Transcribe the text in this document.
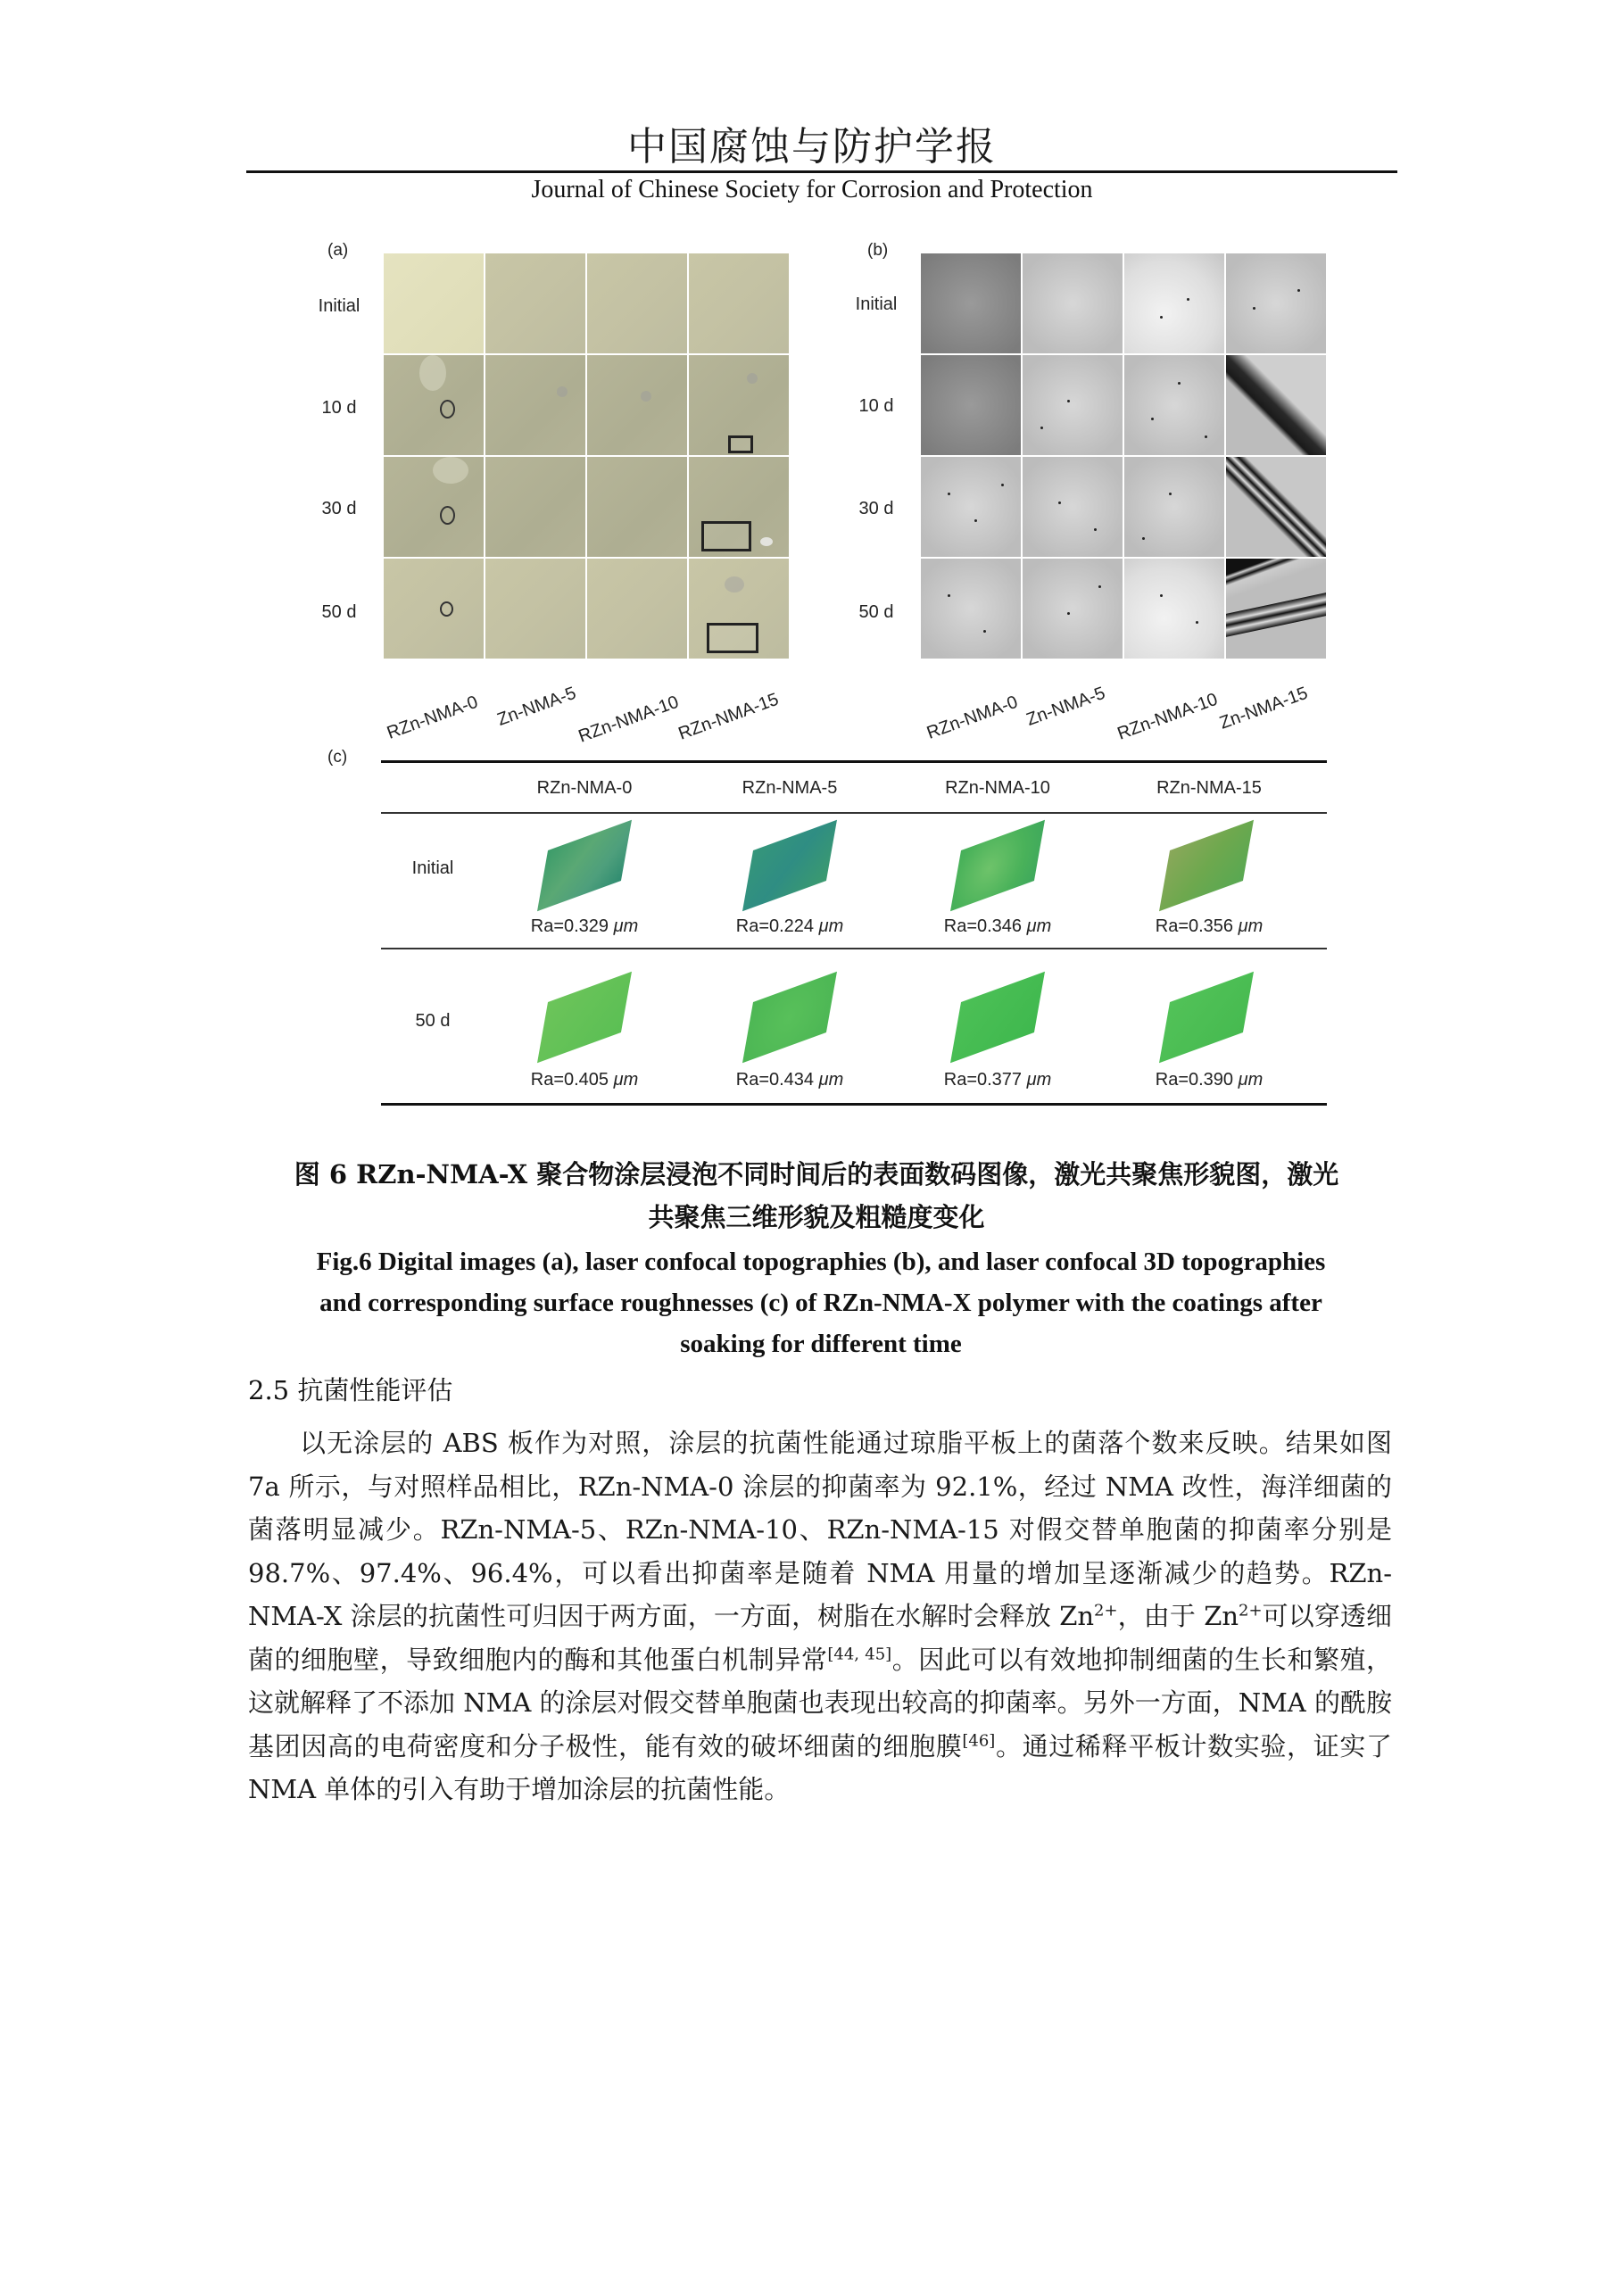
中国腐蚀与防护学报
Journal of Chinese Society for Corrosion and Protection
(a)
Initial
10 d
30 d
50 d
RZn-NMA-0 Zn-NMA-5
RZn-NMA-10
RZn-NMA-15
(b)
Initial
10 d
30 d
50 d
RZn-NMA-0 Zn-NMA-5 RZn-NMA-10
Zn-NMA-15
(c)
RZn-NMA-0	RZn-NMA-5	RZn-NMA-10	RZn-NMA-15
Initial
50 d
Ra=0.329 μm	Ra=0.224 μm	Ra=0.346 μm	Ra=0.356 μm
Ra=0.405 μm	Ra=0.434 μm	Ra=0.377 μm	Ra=0.390 μm
图 6 RZn-NMA-X 聚合物涂层浸泡不同时间后的表面数码图像，激光共聚焦形貌图，激光
共聚焦三维形貌及粗糙度变化
Fig.6 Digital images (a), laser confocal topographies (b), and laser confocal 3D topographies
and corresponding surface roughnesses (c) of RZn-NMA-X polymer with the coatings after
soaking for different time
2.5 抗菌性能评估
以无涂层的 ABS 板作为对照，涂层的抗菌性能通过琼脂平板上的菌落个数来反映。结果如图 7a 所示，与对照样品相比，RZn-NMA-0 涂层的抑菌率为 92.1%，经过 NMA 改性，海洋细菌的菌落明显减少。RZn-NMA-5、RZn-NMA-10、RZn-NMA-15 对假交替单胞菌的抑菌率分别是 98.7%、97.4%、96.4%，可以看出抑菌率是随着 NMA 用量的增加呈逐渐减少的趋势。RZn-NMA-X 涂层的抗菌性可归因于两方面，一方面，树脂在水解时会释放 $Zn^{2+}$，由于 $Zn^{2+}$可以穿透细菌的细胞壁，导致细胞内的酶和其他蛋白机制异常[44, 45]。因此可以有效地抑制细菌的生长和繁殖，这就解释了不添加 NMA 的涂层对假交替单胞菌也表现出较高的抑菌率。另外一方面，NMA 的酰胺基团因高的电荷密度和分子极性，能有效的破坏细菌的细胞膜[46]。通过稀释平板计数实验，证实了 NMA 单体的引入有助于增加涂层的抗菌性能。
